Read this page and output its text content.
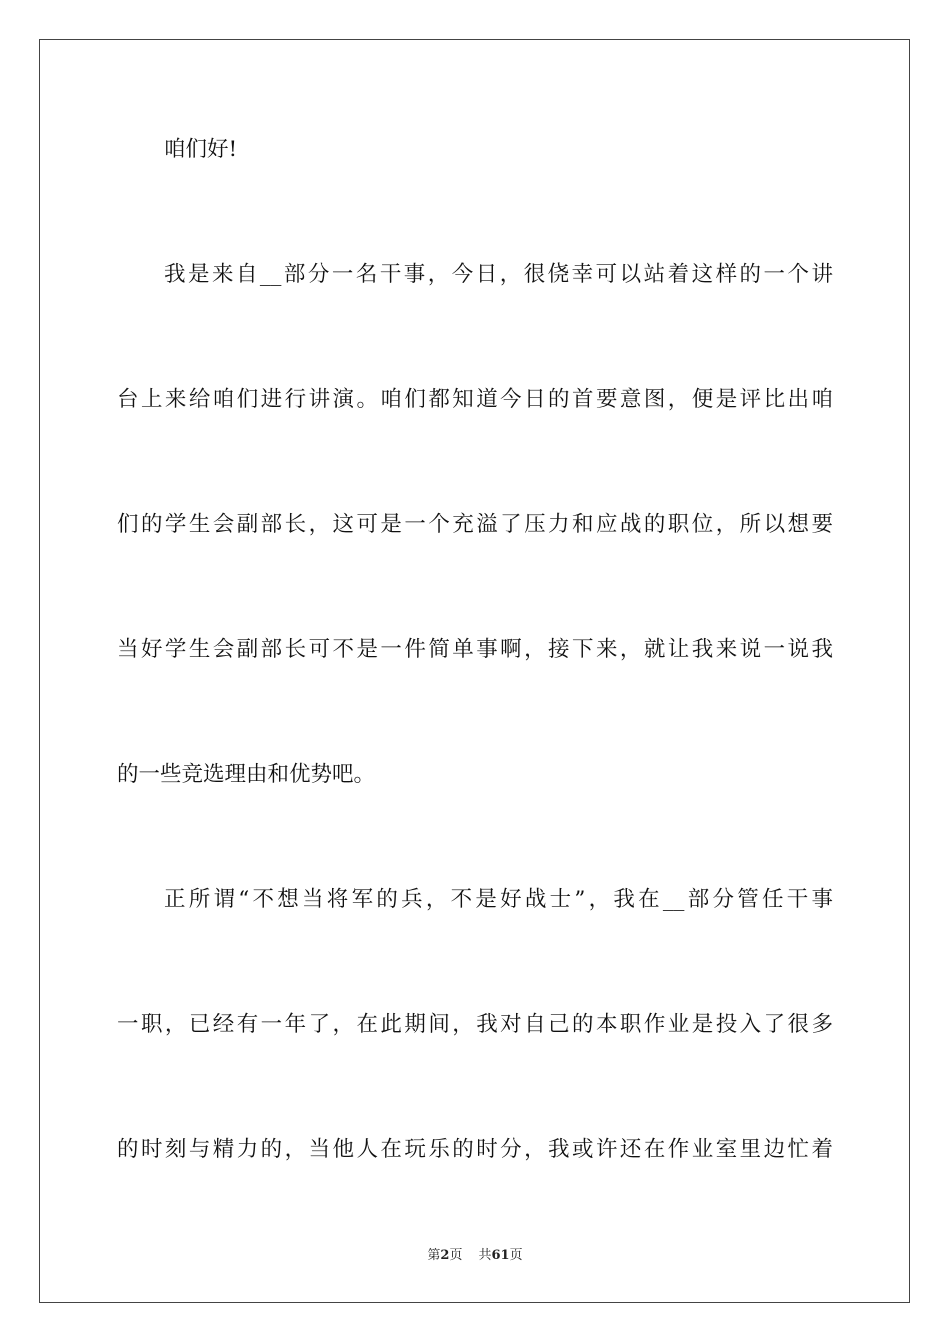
咱们好!
我是来自__部分一名干事，今日，很侥幸可以站着这样的一个讲
台上来给咱们进行讲演。咱们都知道今日的首要意图，便是评比出咱
们的学生会副部长，这可是一个充溢了压力和应战的职位，所以想要
当好学生会副部长可不是一件简单事啊，接下来，就让我来说一说我
的一些竞选理由和优势吧。
正所谓“不想当将军的兵，不是好战士”，我在__部分管任干事
一职，已经有一年了，在此期间，我对自己的本职作业是投入了很多
的时刻与精力的，当他人在玩乐的时分，我或许还在作业室里边忙着
第2页 共61页
